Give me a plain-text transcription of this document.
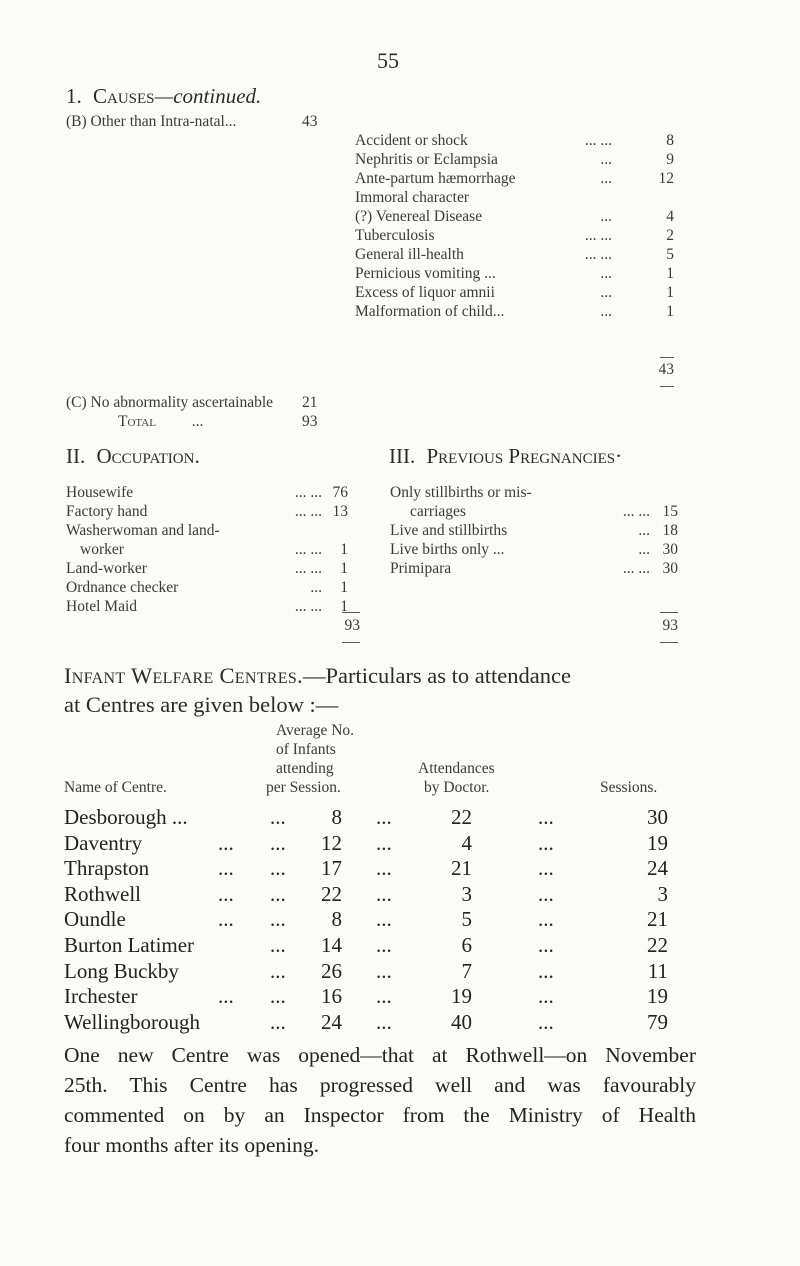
55
1. Causes—continued.
(B) Other than Intra-natal...	43
Accident or shock	... ...	8
Nephritis or Eclampsia	...	9
Ante-partum hæmorrhage	...	12
Immoral character
(?) Venereal Disease	...	4
Tuberculosis	... ...	2
General ill-health	... ...	5
Pernicious vomiting ...	...	1
Excess of liquor amnii	...	1
Malformation of child...	...	1
43
(C) No abnormality ascertainable 21
Total ...	93
II. Occupation.
Housewife	... ... 76
Factory hand	... ... 13
Washerwoman and land-
worker	... ...	1
Land-worker	... ...	1
Ordnance checker	...	1
Hotel Maid	... ...	1
93
III. Previous Pregnancies·
Only stillbirths or mis-
carriages	... ... 15
Live and stillbirths	... 18
Live births only ...	... 30
Primipara	... ... 30
93
Infant Welfare Centres.—Particulars as to attendance
at Centres are given below :—
Average No.
of Infants
attending
per Session.
Attendances
by Doctor.
Name of Centre.	Sessions.
Desborough ...	...	8 ...	22	...	30
Daventry	... ...	12 ...	4	...	19
Thrapston	... ...	17 ...	21	...	24
Rothwell	... ...	22 ...	3	...	3
Oundle	... ...	8 ...	5	...	21
Burton Latimer	...	14 ...	6	...	22
Long Buckby	...	26 ...	7	...	11
Irchester	... ...	16 ...	19	...	19
Wellingborough	...	24 ...	40	...	79
One new Centre was opened—that at Rothwell—on November
25th. This Centre has progressed well and was favourably
commented on by an Inspector from the Ministry of Health
four months after its opening.
